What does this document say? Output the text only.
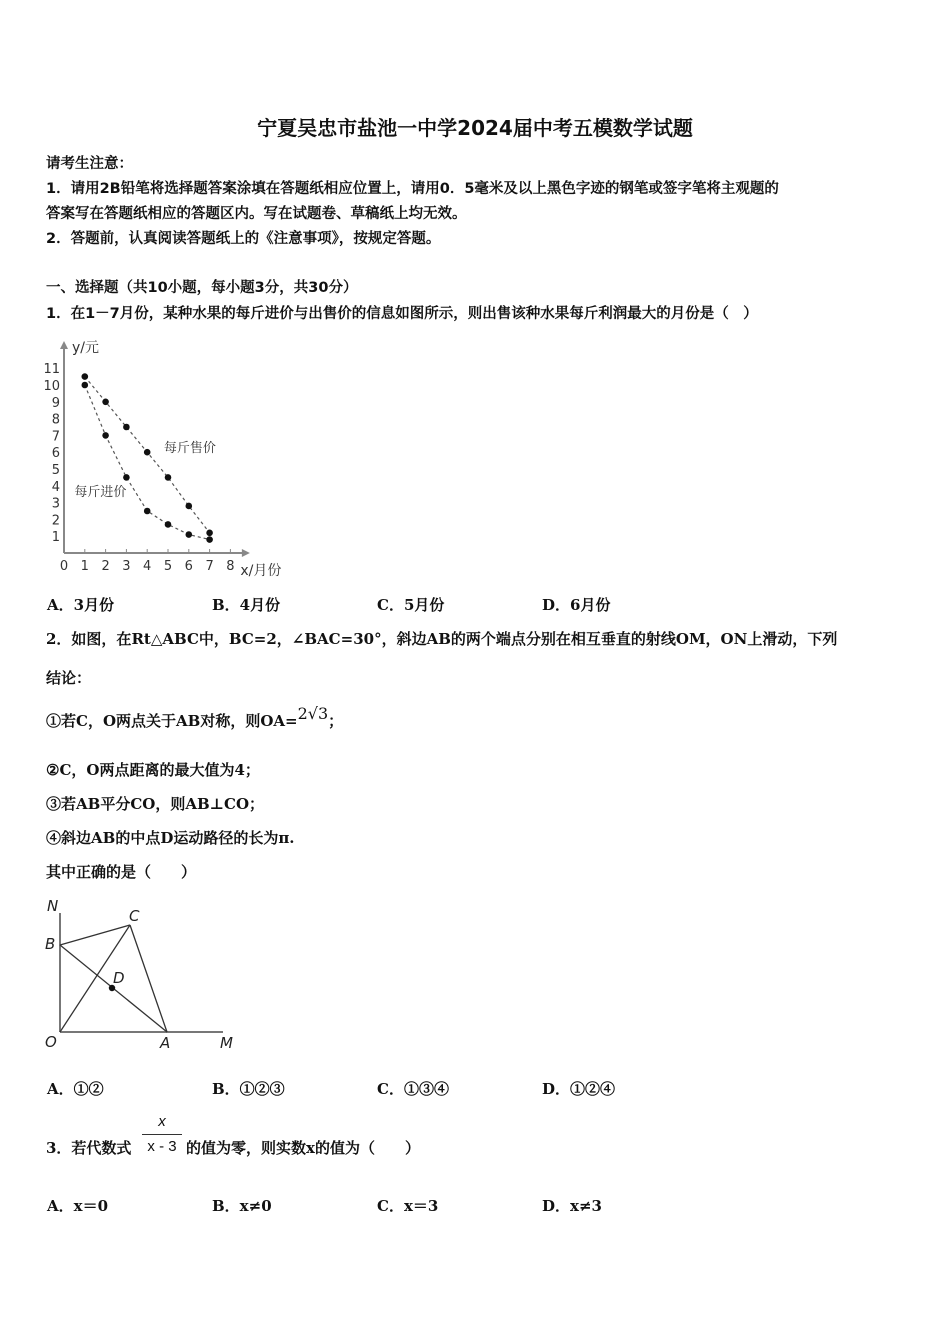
宁夏吴忠市盐池一中学2024届中考五模数学试题
请考生注意：
1．请用2B铅笔将选择题答案涂填在答题纸相应位置上，请用0．5毫米及以上黑色字迹的钢笔或签字笔将主观题的
答案写在答题纸相应的答题区内。写在试题卷、草稿纸上均无效。
2．答题前，认真阅读答题纸上的《注意事项》，按规定答题。
一、选择题（共10小题，每小题3分，共30分）
1．在1－7月份，某种水果的每斤进价与出售价的信息如图所示，则出售该种水果每斤利润最大的月份是（　）
0 1 2 3 4 5 6 7 8
1
2
3
4
5
6
7
8
9
10
11
x/月份
y/元
每斤售价
每斤进价
A．3月份	B．4月份	C．5月份	D．6月份
2．如图，在Rt△ABC中，BC=2，∠BAC=30°，斜边AB的两个端点分别在相互垂直的射线OM，ON上滑动，下列
结论：
①若C，O两点关于AB对称，则OA=2√3；
②C，O两点距离的最大值为4；
③若AB平分CO，则AB⊥CO；
④斜边AB的中点D运动路径的长为π.
其中正确的是（　　）
N
C
B
D
O	A	M
A．①②	B．①②③	C．①③④	D．①②④
3．若代数式
x
x - 3 的值为零，则实数x的值为（　　）
A．x＝0	B．x≠0	C．x＝3	D．x≠3
